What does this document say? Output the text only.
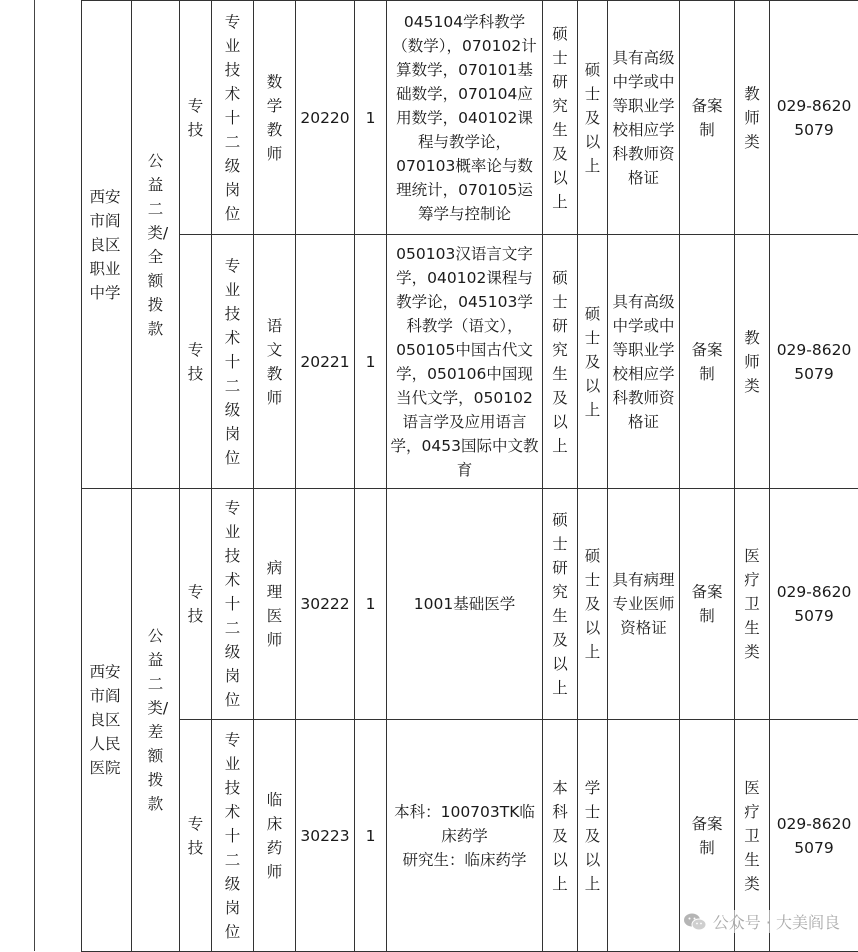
西安市阎良区职业中学	公益二类/全额拨款	专技	专业技术十二级岗位	数学教师	20220	1	045104学科教学（数学），070102计算数学，070101基础数学，070104应用数学，040102课程与教学论，070103概率论与数理统计，070105运筹学与控制论	硕士研究生及以上	硕士及以上	具有高级中学或中等职业学校相应学科教师资格证	备案制	教师类	029-86205079
		专技	专业技术十二级岗位	语文教师	20221	1	050103汉语言文字学，040102课程与教学论，045103学科教学（语文），050105中国古代文学，050106中国现当代文学，050102语言学及应用语言学，0453国际中文教育	硕士研究生及以上	硕士及以上	具有高级中学或中等职业学校相应学科教师资格证	备案制	教师类	029-86205079
西安市阎良区人民医院	公益二类/差额拨款	专技	专业技术十二级岗位	病理医师	30222	1	1001基础医学	硕士研究生及以上	硕士及以上	具有病理专业医师资格证	备案制	医疗卫生类	029-86205079
		专技	专业技术十二级岗位	临床药师	30223	1	本科：100703TK临床药学
研究生：临床药学	本科及以上	学士及以上		备案制	医疗卫生类	029-86205079
公众号 · 大美阎良
